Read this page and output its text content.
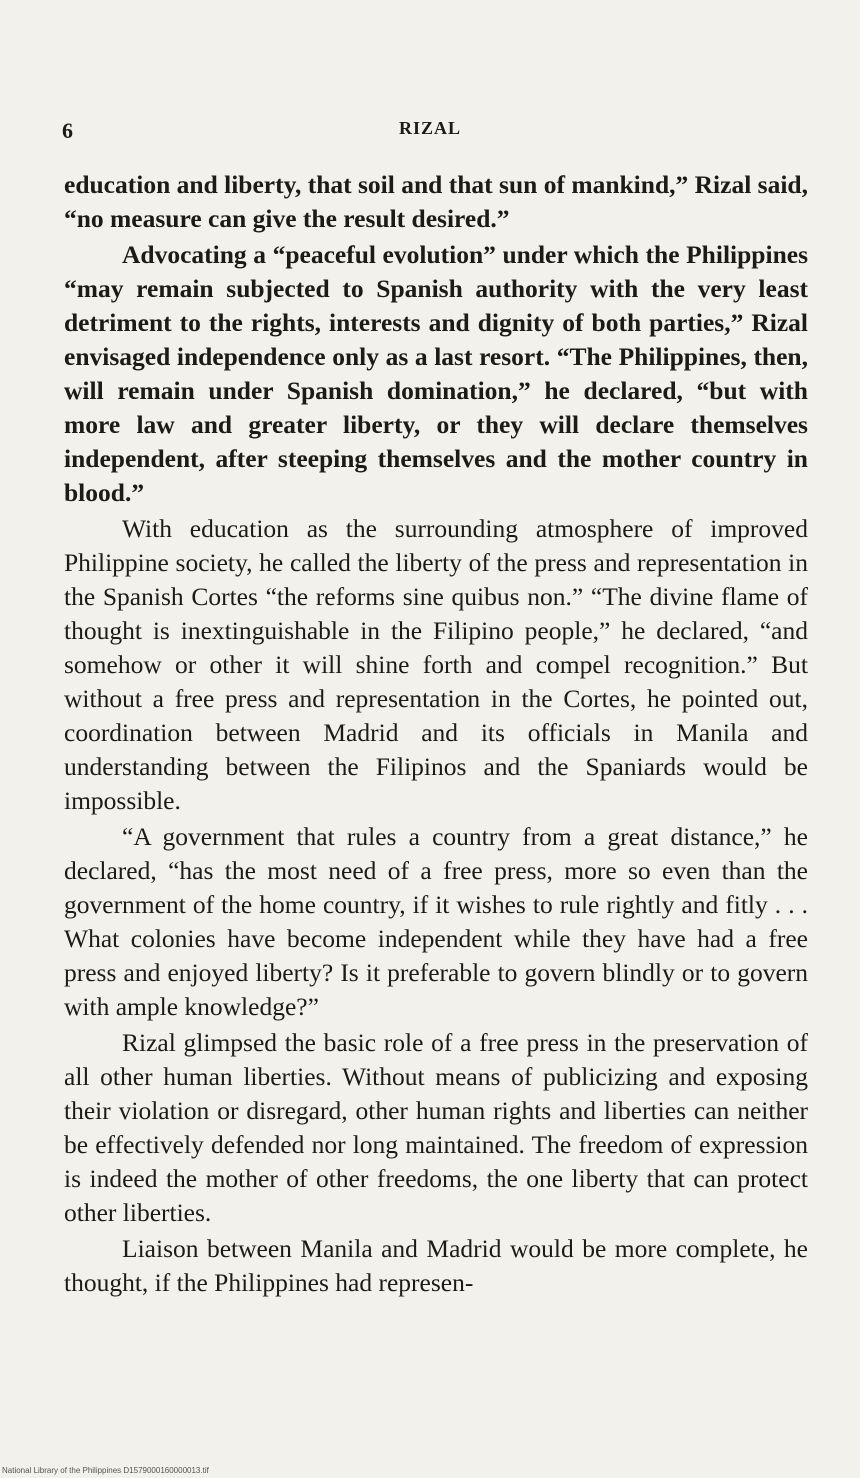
6	RIZAL

education and liberty, that soil and that sun of mankind,” Rizal said, “no measure can give the result desired.”

Advocating a “peaceful evolution” under which the Philippines “may remain subjected to Spanish authority with the very least detriment to the rights, interests and dignity of both parties,” Rizal envisaged independence only as a last resort. “The Philippines, then, will remain under Spanish domination,” he declared, “but with more law and greater liberty, or they will declare themselves independent, after steeping themselves and the mother country in blood.”

With education as the surrounding atmosphere of improved Philippine society, he called the liberty of the press and representation in the Spanish Cortes “the reforms sine quibus non.” “The divine flame of thought is inextinguishable in the Filipino people,” he declared, “and somehow or other it will shine forth and compel recognition.” But without a free press and representation in the Cortes, he pointed out, coordination between Madrid and its officials in Manila and understanding between the Filipinos and the Spaniards would be impossible.

“A government that rules a country from a great distance,” he declared, “has the most need of a free press, more so even than the government of the home country, if it wishes to rule rightly and fitly . . . What colonies have become independent while they have had a free press and enjoyed liberty? Is it preferable to govern blindly or to govern with ample knowledge?”

Rizal glimpsed the basic role of a free press in the preservation of all other human liberties. Without means of publicizing and exposing their violation or disregard, other human rights and liberties can neither be effectively defended nor long maintained. The freedom of expression is indeed the mother of other freedoms, the one liberty that can protect other liberties.

Liaison between Manila and Madrid would be more complete, he thought, if the Philippines had represen-

National Library of the Philippines D1579000160000013.tif
